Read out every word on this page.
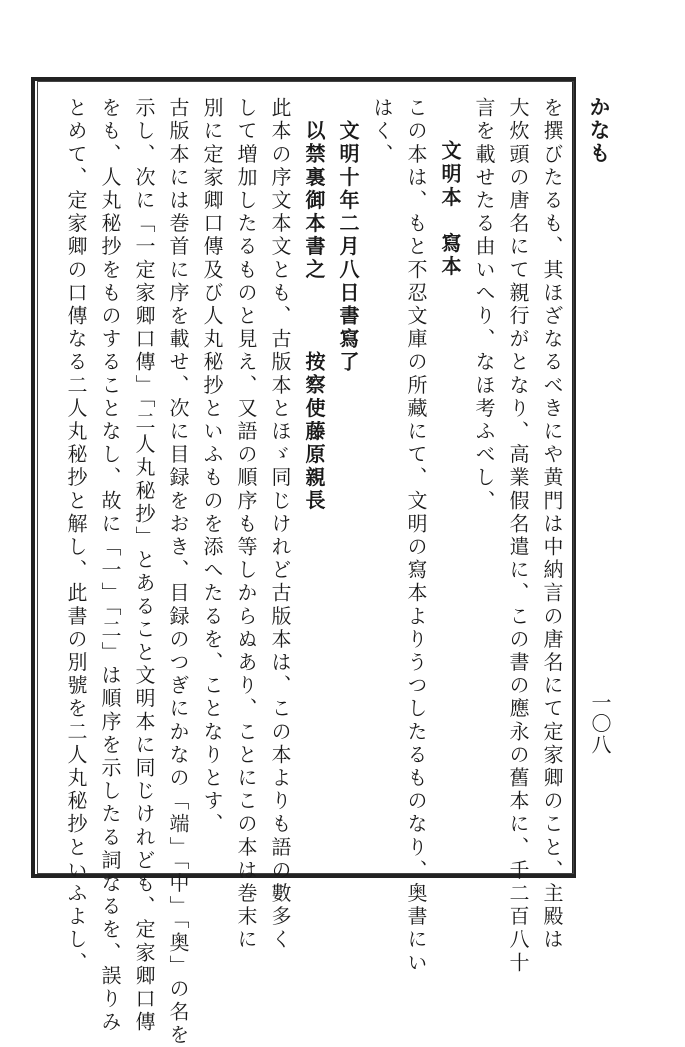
かなも
一〇八
を撰びたるも、其ほざなるべきにや黄門は中納言の唐名にて定家卿のこと、主殿は
大炊頭の唐名にて親行がとなり、高業假名遣に、この書の應永の舊本に、千二百八十
言を載せたる由いへり、なほ考ふべし、
文明本　寫本
この本は、もと不忍文庫の所藏にて、文明の寫本よりうつしたるものなり、奥書にい
はく、
文明十年二月八日書寫了
以禁裏御本書之　　　按察使藤原親長
此本の序文本文とも、古版本とほゞ同じけれど古版本は、この本よりも語の數多く
して増加したるものと見え、又語の順序も等しからぬあり、ことにこの本は巻末に
別に定家卿口傳及び人丸秘抄といふものを添へたるを、ことなりとす、
古版本には巻首に序を載せ、次に目録をおき、目録のつぎにかなの「端」「中」「奥」の名を
示し、次に「一定家卿口傳」「二人丸秘抄」とあること文明本に同じけれども、定家卿口傳
をも、人丸秘抄をものすることなし、故に「一」「二」は順序を示したる詞なるを、誤りみ
とめて、定家卿の口傳なる二人丸秘抄と解し、此書の別號を二人丸秘抄といふよし、
